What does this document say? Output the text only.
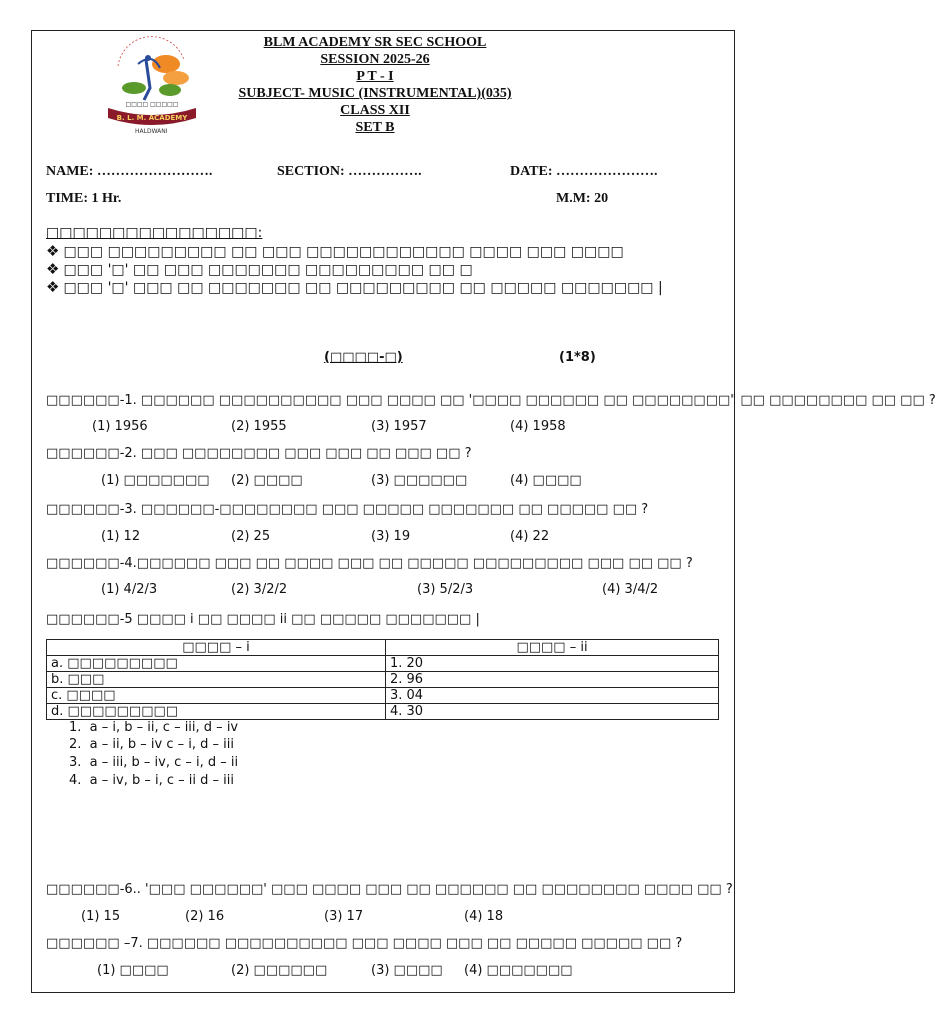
□□□□ □□□□□
B. L. M. ACADEMY
HALDWANI
BLM ACADEMY SR SEC SCHOOL
SESSION 2025-26
P T - I
SUBJECT- MUSIC (INSTRUMENTAL)(035)
CLASS XII
SET B
NAME: …………………….	SECTION: …………….	DATE: ………………….
TIME: 1 Hr.	M.M: 20
□□□□□□□□□□□□□□□□:
❖ □□□ □□□□□□□□□ □□ □□□ □□□□□□□□□□□□ □□□□ □□□ □□□□
❖ □□□ '□' □□ □□□ □□□□□□□ □□□□□□□□□ □□ □
❖ □□□ '□' □□□ □□ □□□□□□□ □□ □□□□□□□□□ □□ □□□□□ □□□□□□□ |
(□□□□-□)	(1*8)
□□□□□□-1. □□□□□□ □□□□□□□□□□ □□□ □□□□ □□ '□□□□ □□□□□□ □□ □□□□□□□□" □□ □□□□□□□□ □□ □□ ?
(1) 1956	(2) 1955	(3) 1957	(4) 1958
□□□□□□-2. □□□ □□□□□□□□ □□□ □□□ □□ □□□ □□ ?
(1) □□□□□□□ (2) □□□□	(3) □□□□□□	(4) □□□□
□□□□□□-3. □□□□□□-□□□□□□□□ □□□ □□□□□ □□□□□□□ □□ □□□□□ □□ ?
(1) 12	(2) 25	(3) 19	(4) 22
□□□□□□-4.□□□□□□ □□□ □□ □□□□ □□□ □□ □□□□□ □□□□□□□□□ □□□ □□ □□ ?
(1) 4/2/3	(2) 3/2/2	(3) 5/2/3	(4) 3/4/2
□□□□□□-5 □□□□ i □□ □□□□ ii □□ □□□□□ □□□□□□□ |
□□□□ – i	□□□□ – ii
a. □□□□□□□□□	1. 20
b. □□□	2. 96
c. □□□□	3. 04
d. □□□□□□□□□	4. 30
1.  a – i, b – ii, c – iii, d – iv
2.  a – ii, b – iv c – i, d – iii
3.  a – iii, b – iv, c – i, d – ii
4.  a – iv, b – i, c – ii d – iii
□□□□□□-6.. '□□□ □□□□□□' □□□ □□□□ □□□ □□ □□□□□□ □□ □□□□□□□□ □□□□ □□ ?
(1) 15	(2) 16	(3) 17	(4) 18
□□□□□□ –7. □□□□□□ □□□□□□□□□□ □□□ □□□□ □□□ □□ □□□□□ □□□□□ □□ ?
(1) □□□□	(2) □□□□□□	(3) □□□□ (4) □□□□□□□
